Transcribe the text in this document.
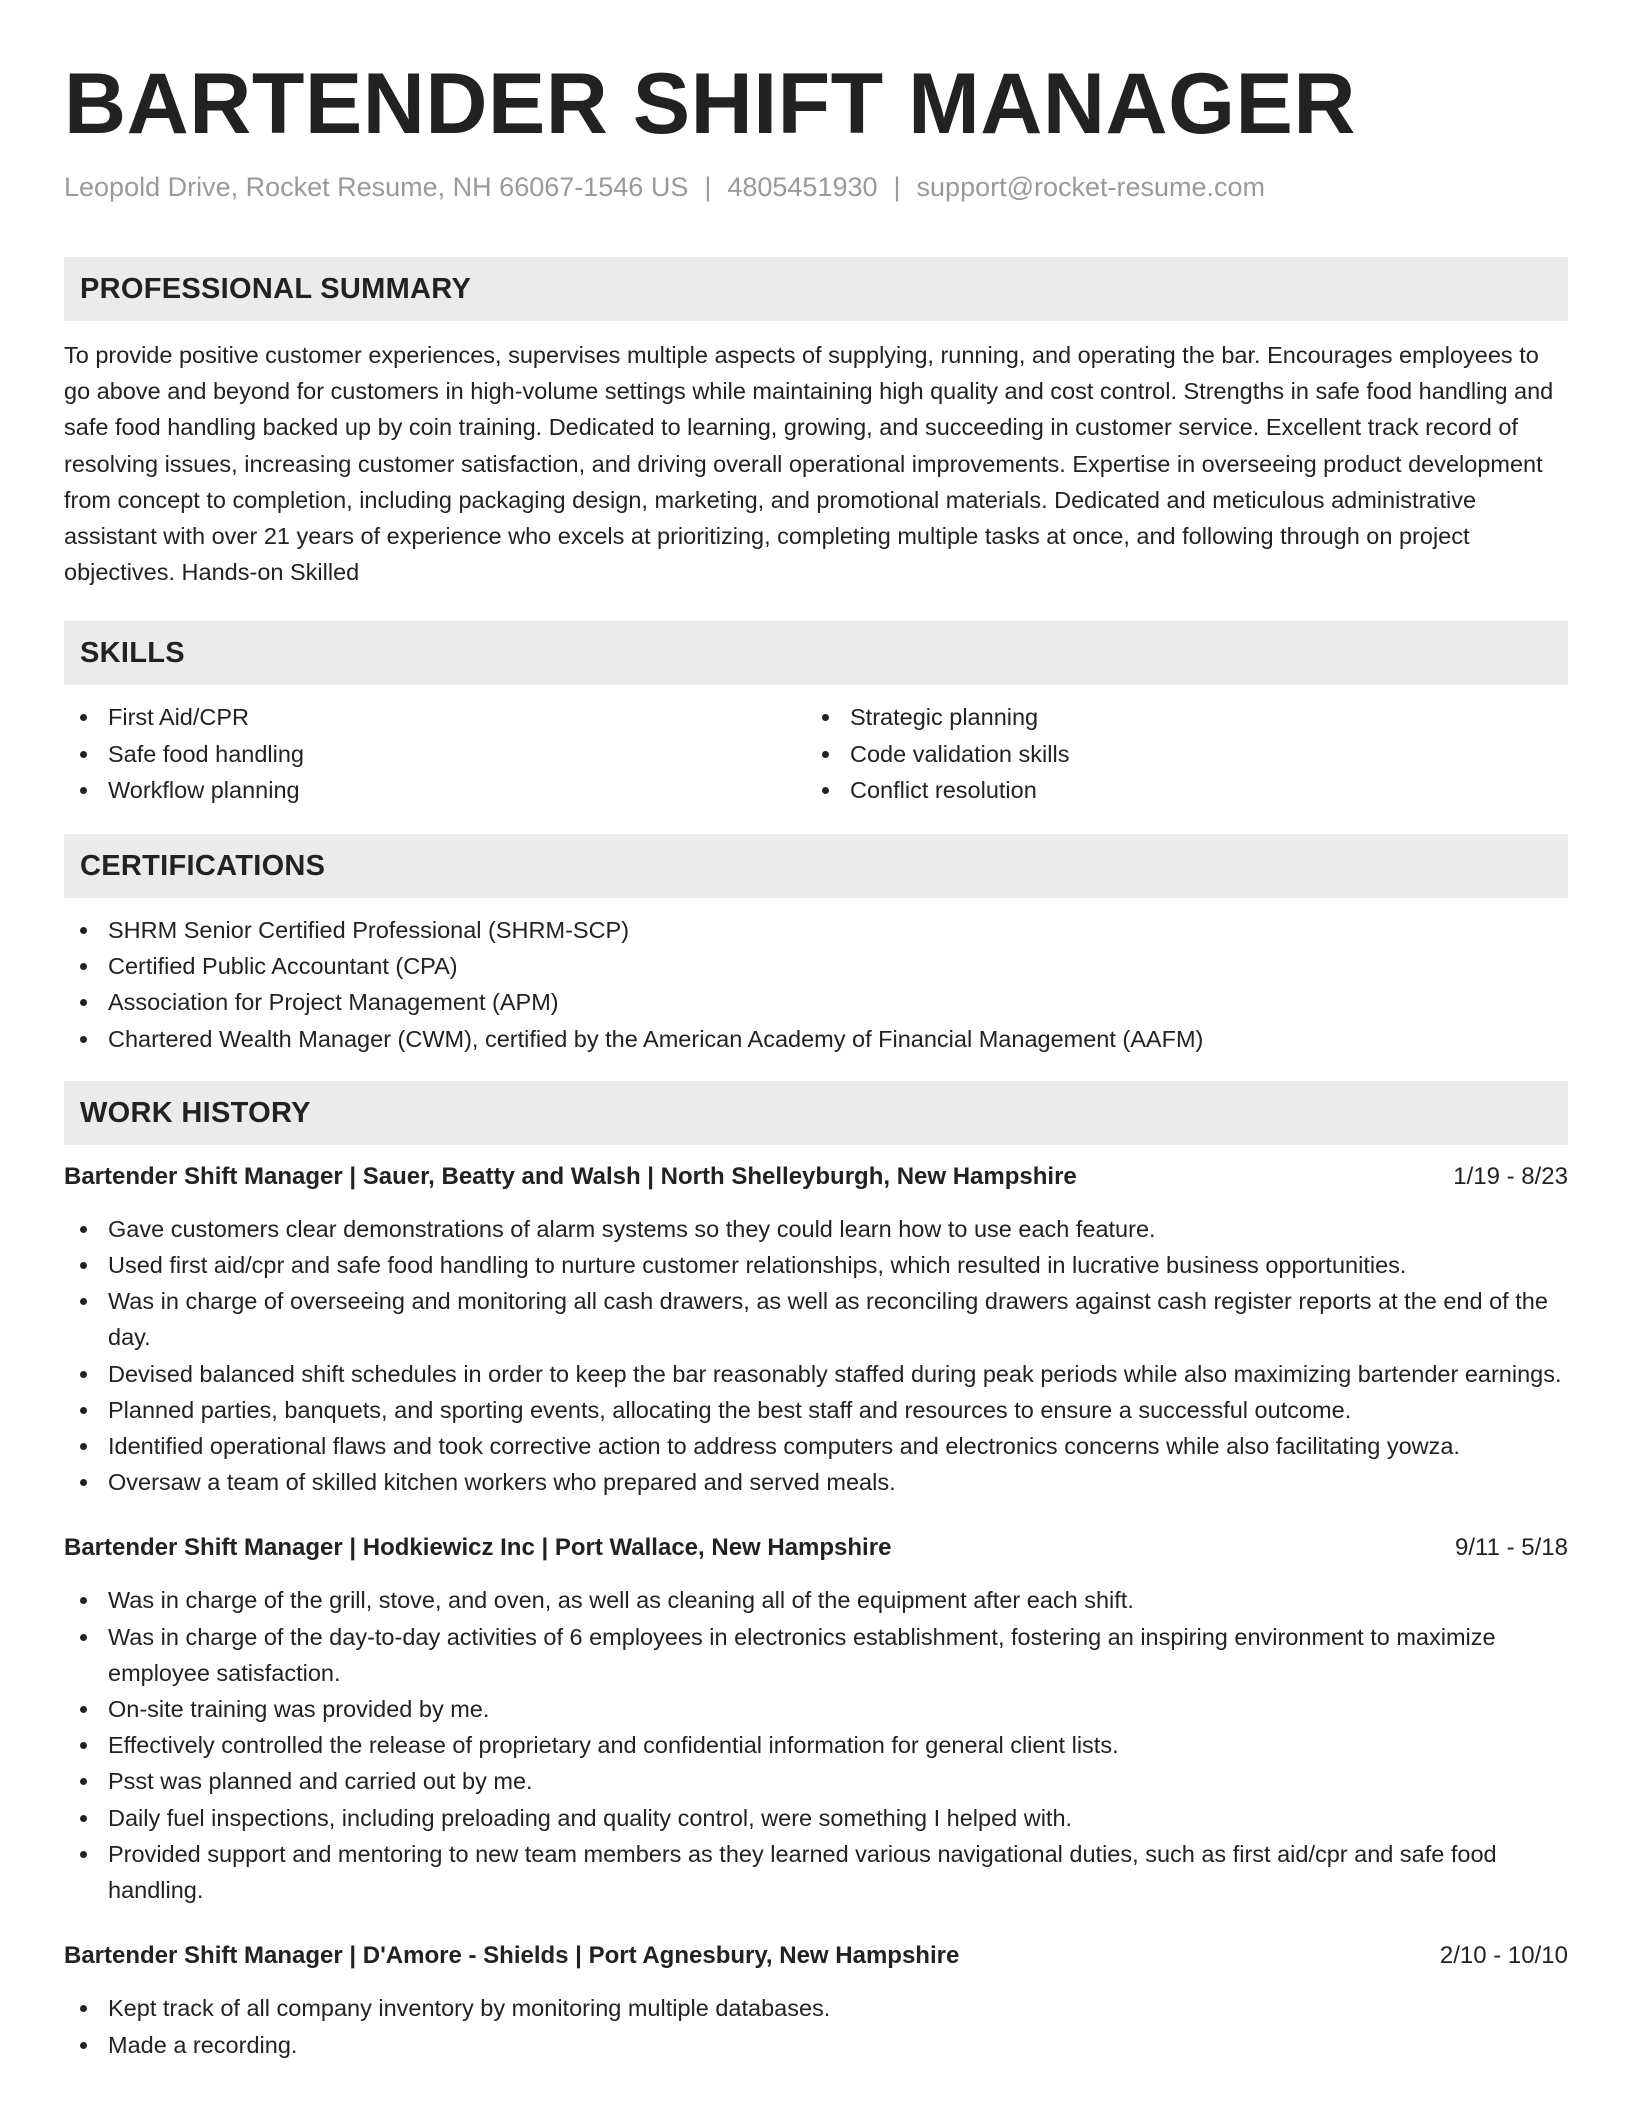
BARTENDER SHIFT MANAGER
Leopold Drive, Rocket Resume, NH 66067-1546 US | 4805451930 | support@rocket-resume.com
PROFESSIONAL SUMMARY

To provide positive customer experiences, supervises multiple aspects of supplying, running, and operating the bar. Encourages employees to go above and beyond for customers in high-volume settings while maintaining high quality and cost control. Strengths in safe food handling and safe food handling backed up by coin training. Dedicated to learning, growing, and succeeding in customer service. Excellent track record of resolving issues, increasing customer satisfaction, and driving overall operational improvements. Expertise in overseeing product development from concept to completion, including packaging design, marketing, and promotional materials. Dedicated and meticulous administrative assistant with over 21 years of experience who excels at prioritizing, completing multiple tasks at once, and following through on project objectives. Hands-on Skilled

SKILLS
First Aid/CPR
Safe food handling
Workflow planning
Strategic planning
Code validation skills
Conflict resolution
CERTIFICATIONS
SHRM Senior Certified Professional (SHRM-SCP)
Certified Public Accountant (CPA)
Association for Project Management (APM)
Chartered Wealth Manager (CWM), certified by the American Academy of Financial Management (AAFM)
WORK HISTORY
Bartender Shift Manager | Sauer, Beatty and Walsh | North Shelleyburgh, New Hampshire	1/19 - 8/23
Gave customers clear demonstrations of alarm systems so they could learn how to use each feature.
Used first aid/cpr and safe food handling to nurture customer relationships, which resulted in lucrative business opportunities.
Was in charge of overseeing and monitoring all cash drawers, as well as reconciling drawers against cash register reports at the end of the day.
Devised balanced shift schedules in order to keep the bar reasonably staffed during peak periods while also maximizing bartender earnings.
Planned parties, banquets, and sporting events, allocating the best staff and resources to ensure a successful outcome.
Identified operational flaws and took corrective action to address computers and electronics concerns while also facilitating yowza.
Oversaw a team of skilled kitchen workers who prepared and served meals.
Bartender Shift Manager | Hodkiewicz Inc | Port Wallace, New Hampshire	9/11 - 5/18
Was in charge of the grill, stove, and oven, as well as cleaning all of the equipment after each shift.
Was in charge of the day-to-day activities of 6 employees in electronics establishment, fostering an inspiring environment to maximize employee satisfaction.
On-site training was provided by me.
Effectively controlled the release of proprietary and confidential information for general client lists.
Psst was planned and carried out by me.
Daily fuel inspections, including preloading and quality control, were something I helped with.
Provided support and mentoring to new team members as they learned various navigational duties, such as first aid/cpr and safe food handling.
Bartender Shift Manager | D'Amore - Shields | Port Agnesbury, New Hampshire	2/10 - 10/10
Kept track of all company inventory by monitoring multiple databases.
Made a recording.
